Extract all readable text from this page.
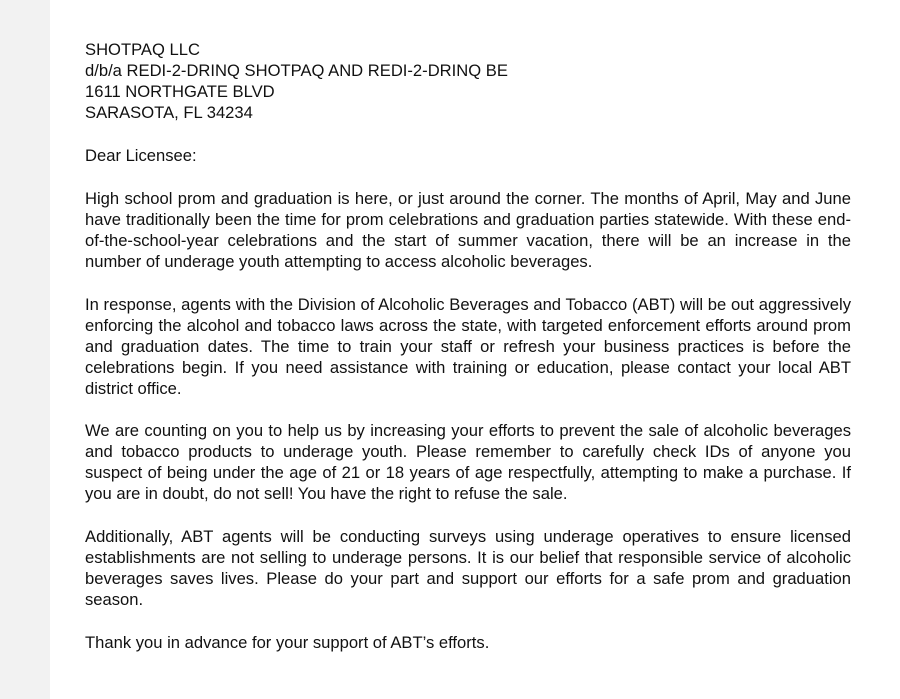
SHOTPAQ LLC
d/b/a REDI-2-DRINQ SHOTPAQ AND REDI-2-DRINQ BE
1611 NORTHGATE BLVD
SARASOTA, FL 34234
Dear Licensee:

High school prom and graduation is here, or just around the corner. The months of April, May and June have traditionally been the time for prom celebrations and graduation parties statewide. With these end-of-the-school-year celebrations and the start of summer vacation, there will be an increase in the number of underage youth attempting to access alcoholic beverages.

In response, agents with the Division of Alcoholic Beverages and Tobacco (ABT) will be out aggressively enforcing the alcohol and tobacco laws across the state, with targeted enforcement efforts around prom and graduation dates. The time to train your staff or refresh your business practices is before the celebrations begin. If you need assistance with training or education, please contact your local ABT district office.

We are counting on you to help us by increasing your efforts to prevent the sale of alcoholic beverages and tobacco products to underage youth. Please remember to carefully check IDs of anyone you suspect of being under the age of 21 or 18 years of age respectfully, attempting to make a purchase. If you are in doubt, do not sell! You have the right to refuse the sale.

Additionally, ABT agents will be conducting surveys using underage operatives to ensure licensed establishments are not selling to underage persons. It is our belief that responsible service of alcoholic beverages saves lives. Please do your part and support our efforts for a safe prom and graduation season.

Thank you in advance for your support of ABT’s efforts.
